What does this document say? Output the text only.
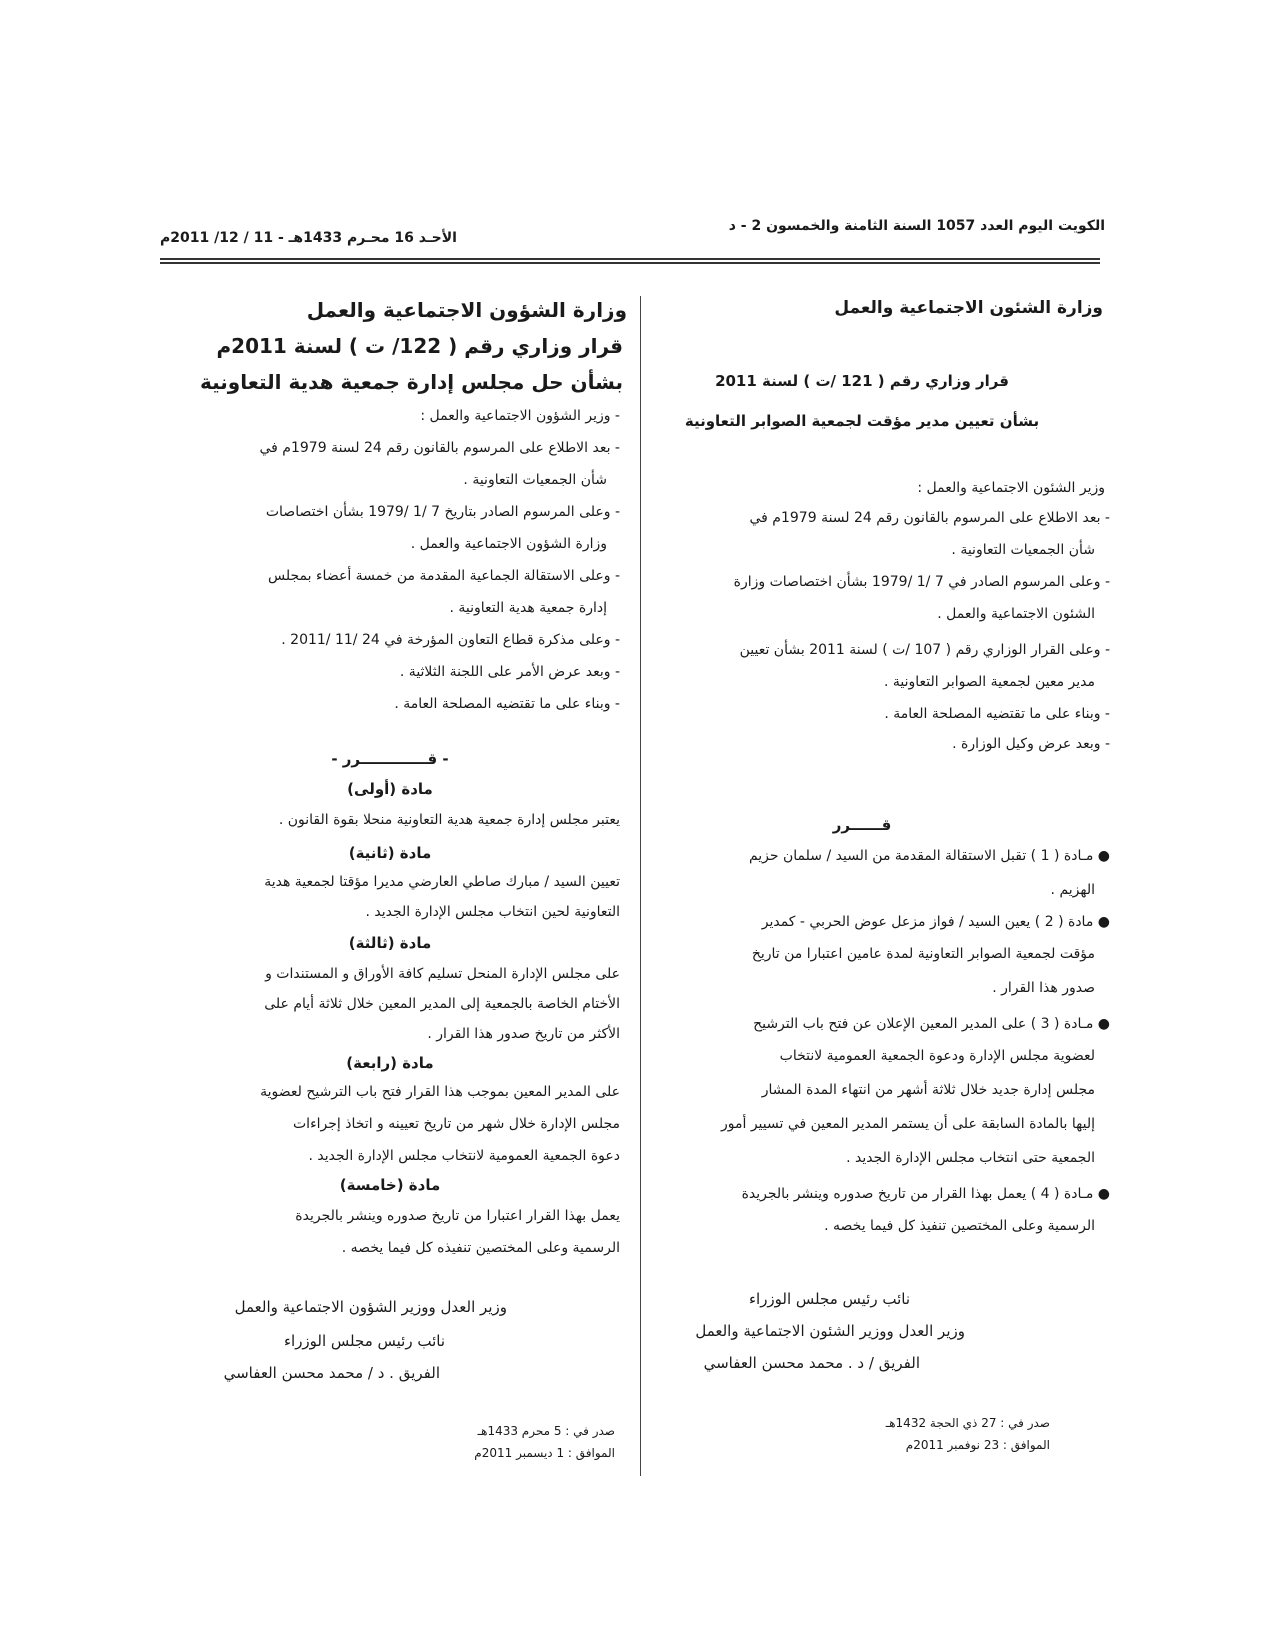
الكويت اليوم العدد 1057 السنة الثامنة والخمسون 2 - د
الأحـد 16 محـرم 1433هـ - 11 / 12/ 2011م
وزارة الشئون الاجتماعية والعمل
قرار وزاري رقم ( 121 /ت ) لسنة 2011
بشأن تعيين مدير مؤقت لجمعية الصوابر التعاونية
وزير الشئون الاجتماعية والعمل :
- بعد الاطلاع على المرسوم بالقانون رقم 24 لسنة 1979م في
شأن الجمعيات التعاونية .
- وعلى المرسوم الصادر في 7 /1 /1979 بشأن اختصاصات وزارة
الشئون الاجتماعية والعمل .
- وعلى القرار الوزاري رقم ( 107 /ت ) لسنة 2011 بشأن تعيين
مدير معين لجمعية الصوابر التعاونية .
- وبناء على ما تقتضيه المصلحة العامة .
- وبعد عرض وكيل الوزارة .
قــــــرر
● مـادة ( 1 ) تقبل الاستقالة المقدمة من السيد / سلمان حزيم
الهزيم .
● مادة ( 2 ) يعين السيد / فواز مزعل عوض الحربي - كمدير
مؤقت لجمعية الصوابر التعاونية لمدة عامين اعتبارا من تاريخ
صدور هذا القرار .
● مـادة ( 3 ) على المدير المعين الإعلان عن فتح باب الترشيح
لعضوية مجلس الإدارة ودعوة الجمعية العمومية لانتخاب
مجلس إدارة جديد خلال ثلاثة أشهر من انتهاء المدة المشار
إليها بالمادة السابقة على أن يستمر المدير المعين في تسيير أمور
الجمعية حتى انتخاب مجلس الإدارة الجديد .
● مـادة ( 4 ) يعمل بهذا القرار من تاريخ صدوره وينشر بالجريدة
الرسمية وعلى المختصين تنفيذ كل فيما يخصه .
نائب رئيس مجلس الوزراء
وزير العدل ووزير الشئون الاجتماعية والعمل
الفريق / د . محمد محسن العفاسي
صدر في : 27 ذي الحجة 1432هـ
الموافق : 23 نوفمبر 2011م
وزارة الشؤون الاجتماعية والعمل
قرار وزاري رقم ( 122/ ت ) لسنة 2011م
بشأن حل مجلس إدارة جمعية هدية التعاونية
- وزير الشؤون الاجتماعية والعمل :
- بعد الاطلاع على المرسوم بالقانون رقم 24 لسنة 1979م في
شأن الجمعيات التعاونية .
- وعلى المرسوم الصادر بتاريخ 7 /1 /1979 بشأن اختصاصات
وزارة الشؤون الاجتماعية والعمل .
- وعلى الاستقالة الجماعية المقدمة من خمسة أعضاء بمجلس
إدارة جمعية هدية التعاونية .
- وعلى مذكرة قطاع التعاون المؤرخة في 24 /11 /2011 .
- وبعد عرض الأمر على اللجنة الثلاثية .
- وبناء على ما تقتضيه المصلحة العامة .
- قـــــــــــــرر -
مادة (أولى)
يعتبر مجلس إدارة جمعية هدية التعاونية منحلا بقوة القانون .
مادة (ثانية)
تعيين السيد / مبارك صاطي العارضي مديرا مؤقتا لجمعية هدية
التعاونية لحين انتخاب مجلس الإدارة الجديد .
مادة (ثالثة)
على مجلس الإدارة المنحل تسليم كافة الأوراق و المستندات و
الأختام الخاصة بالجمعية إلى المدير المعين خلال ثلاثة أيام على
الأكثر من تاريخ صدور هذا القرار .
مادة (رابعة)
على المدير المعين بموجب هذا القرار فتح باب الترشيح لعضوية
مجلس الإدارة خلال شهر من تاريخ تعيينه و اتخاذ إجراءات
دعوة الجمعية العمومية لانتخاب مجلس الإدارة الجديد .
مادة (خامسة)
يعمل بهذا القرار اعتبارا من تاريخ صدوره وينشر بالجريدة
الرسمية وعلى المختصين تنفيذه كل فيما يخصه .
وزير العدل ووزير الشؤون الاجتماعية والعمل
نائب رئيس مجلس الوزراء
الفريق . د / محمد محسن العفاسي
صدر في : 5 محرم 1433هـ
الموافق : 1 ديسمبر 2011م
